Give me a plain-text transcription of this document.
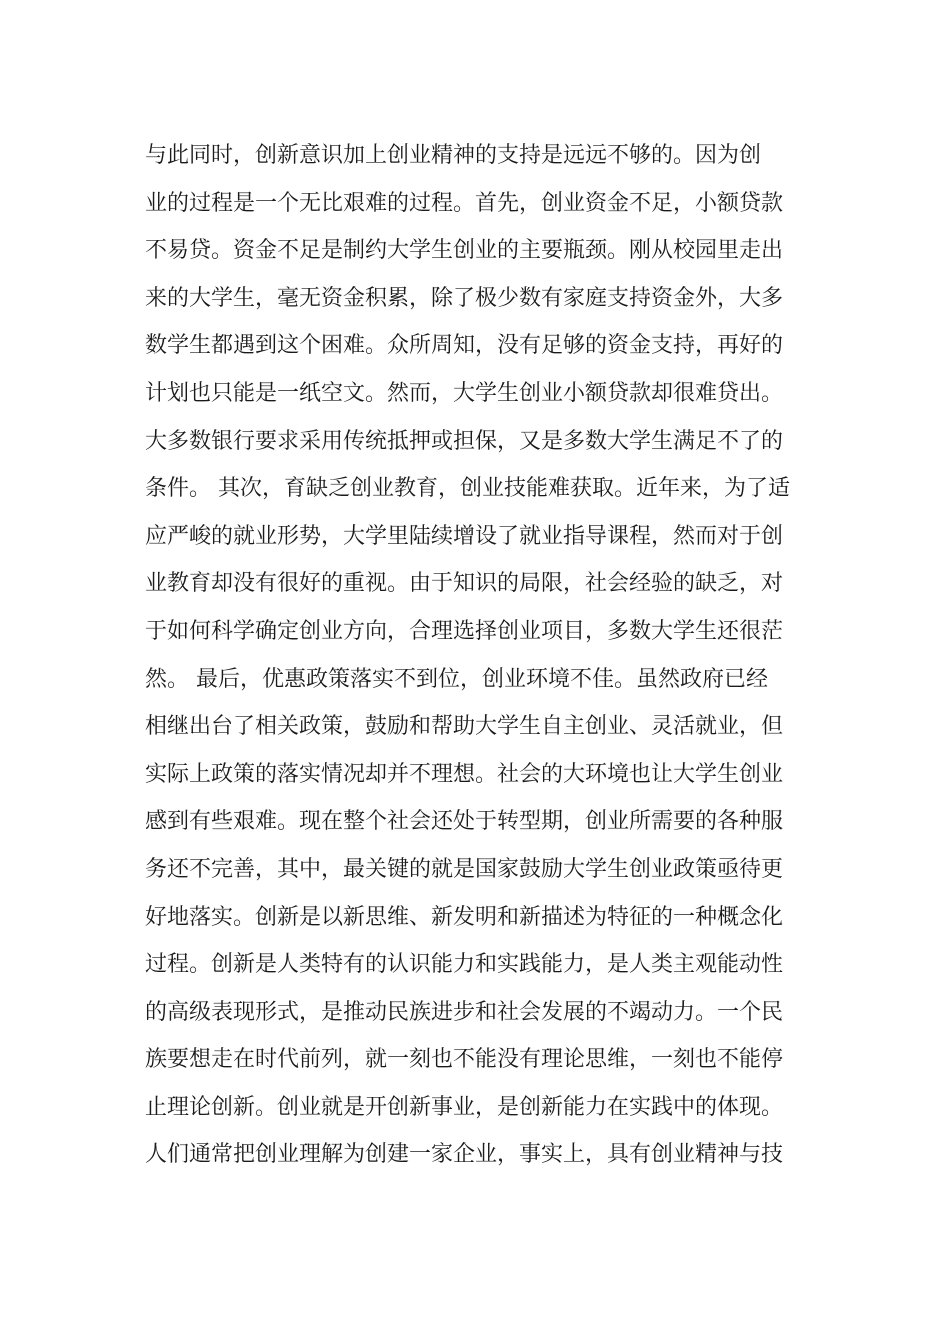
与此同时，创新意识加上创业精神的支持是远远不够的。因为创
业的过程是一个无比艰难的过程。首先，创业资金不足，小额贷款
不易贷。资金不足是制约大学生创业的主要瓶颈。刚从校园里走出
来的大学生，毫无资金积累，除了极少数有家庭支持资金外，大多
数学生都遇到这个困难。众所周知，没有足够的资金支持，再好的
计划也只能是一纸空文。然而，大学生创业小额贷款却很难贷出。
大多数银行要求采用传统抵押或担保，又是多数大学生满足不了的
条件。 其次，育缺乏创业教育，创业技能难获取。近年来，为了适
应严峻的就业形势，大学里陆续增设了就业指导课程，然而对于创
业教育却没有很好的重视。由于知识的局限，社会经验的缺乏，对
于如何科学确定创业方向，合理选择创业项目，多数大学生还很茫
然。 最后，优惠政策落实不到位，创业环境不佳。虽然政府已经
相继出台了相关政策，鼓励和帮助大学生自主创业、灵活就业，但
实际上政策的落实情况却并不理想。社会的大环境也让大学生创业
感到有些艰难。现在整个社会还处于转型期，创业所需要的各种服
务还不完善，其中，最关键的就是国家鼓励大学生创业政策亟待更
好地落实。创新是以新思维、新发明和新描述为特征的一种概念化
过程。创新是人类特有的认识能力和实践能力，是人类主观能动性
的高级表现形式，是推动民族进步和社会发展的不竭动力。一个民
族要想走在时代前列，就一刻也不能没有理论思维，一刻也不能停
止理论创新。创业就是开创新事业，是创新能力在实践中的体现。
人们通常把创业理解为创建一家企业，事实上，具有创业精神与技
